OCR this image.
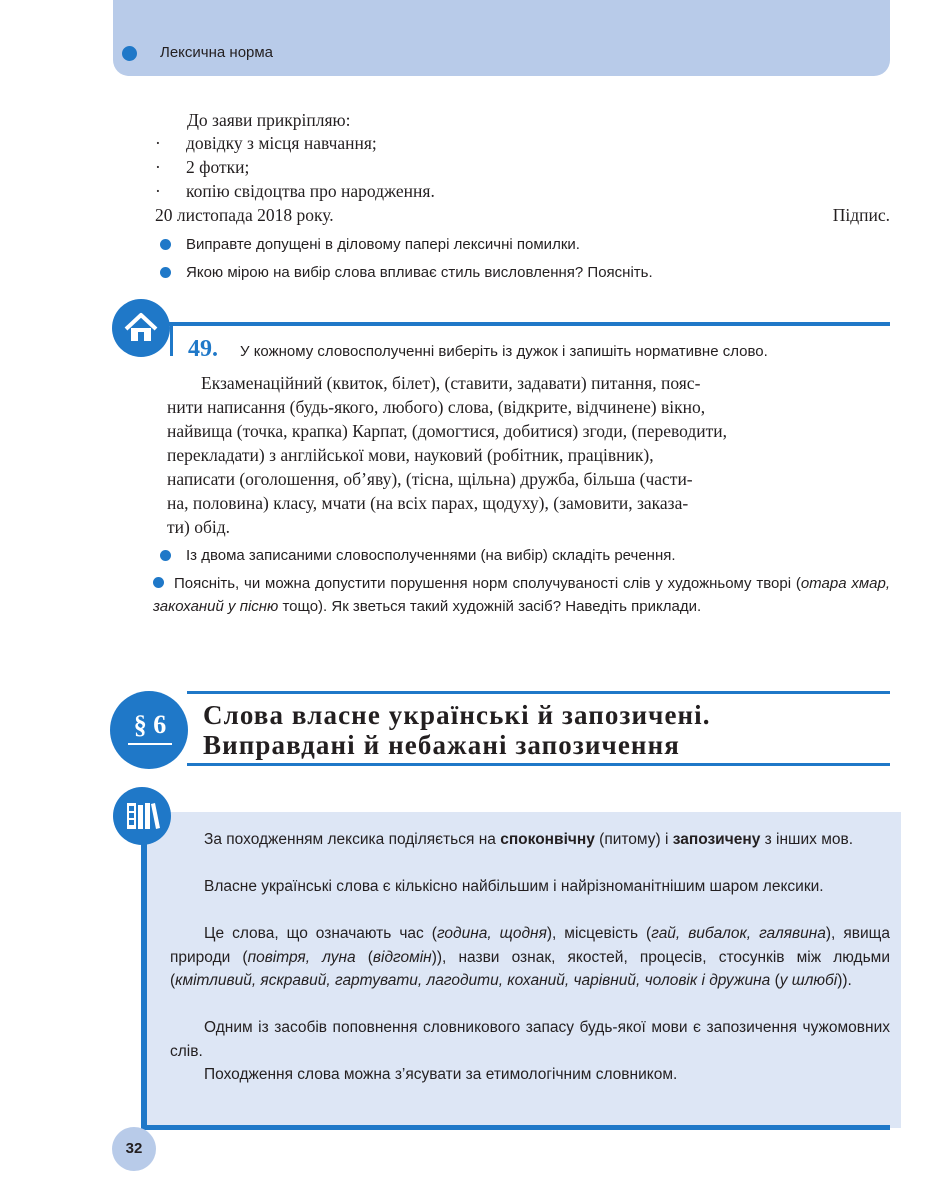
Лексична норма
До заяви прикріпляю:
· довідку з місця навчання;
· 2 фотки;
· копію свідоцтва про народження.
20 листопада 2018 року.	Підпис.
Виправте допущені в діловому папері лексичні помилки.
Якою мірою на вибір слова впливає стиль висловлення? Поясніть.
49. У кожному словосполученні виберіть із дужок і запишіть нормативне слово.
Екзаменаційний (квиток, білет), (ставити, задавати) питання, пояс-
нити написання (будь-якого, любого) слова, (відкрите, відчинене) вікно,
найвища (точка, крапка) Карпат, (домогтися, добитися) згоди, (переводити,
перекладати) з англійської мови, науковий (робітник, працівник),
написати (оголошення, об’яву), (тісна, щільна) дружба, більша (части-
на, половина) класу, мчати (на всіх парах, щодуху), (замовити, заказа-
ти) обід.
Із двома записаними словосполученнями (на вибір) складіть речення.
Поясніть, чи можна допустити порушення норм сполучуваності слів у художньому творі (отара хмар, закоханий у пісню тощо). Як зветься такий художній засіб? Наведіть приклади.
§ 6	Слова власне українські й запозичені.
Виправдані й небажані запозичення
За походженням лексика поділяється на споконвічну (питому) і запозичену з інших мов.
Власне українські слова є кількісно найбільшим і найрізноманітнішим шаром лексики.
Це слова, що означають час (година, щодня), місцевість (гай, вибалок, галявина), явища природи (повітря, луна (відгомін)), назви ознак, якостей, процесів, стосунків між людьми (кмітливий, яскравий, гартувати, лагодити, коханий, чарівний, чоловік і дружина (у шлюбі)).
Одним із засобів поповнення словникового запасу будь-якої мови є запозичення чужомовних слів.
Походження слова можна з’ясувати за етимологічним словником.
32
